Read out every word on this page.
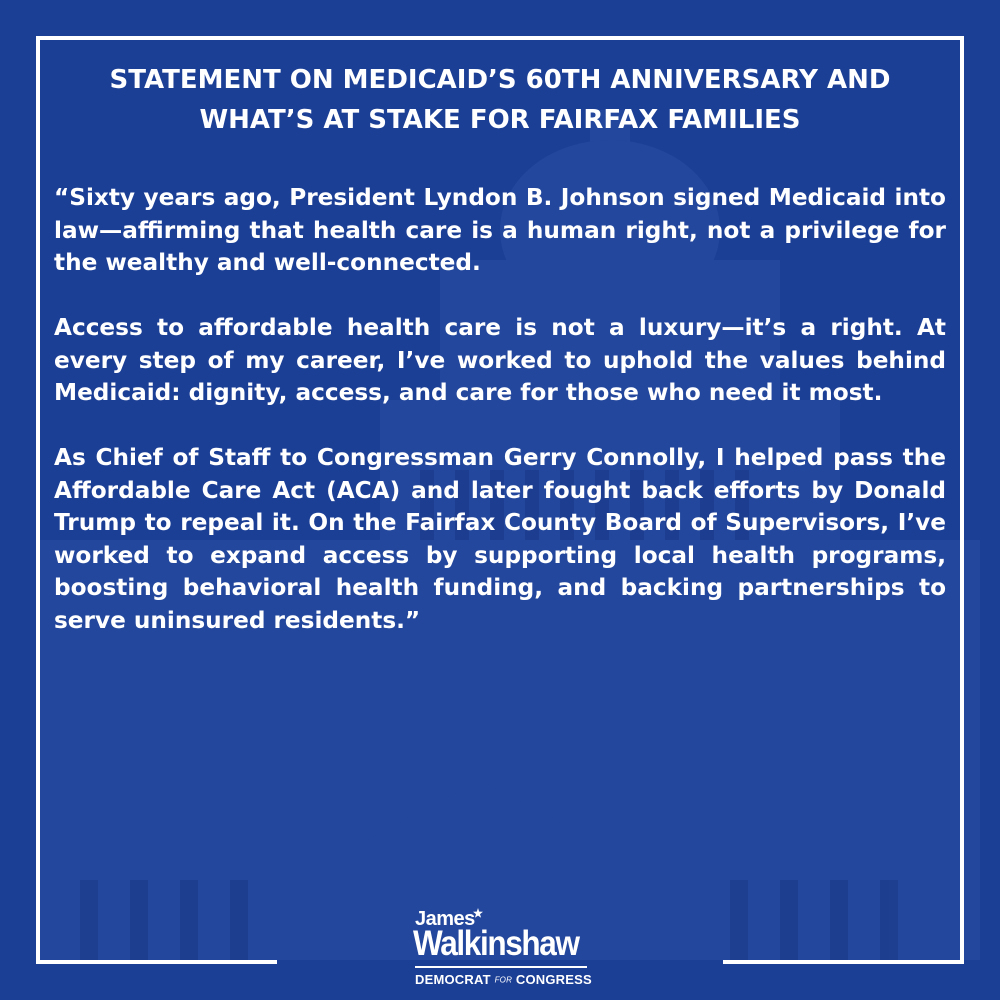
STATEMENT ON MEDICAID’S 60TH ANNIVERSARY AND
WHAT’S AT STAKE FOR FAIRFAX FAMILIES

“Sixty years ago, President Lyndon B. Johnson signed Medicaid into law—affirming that health care is a human right, not a privilege for the wealthy and well-connected.

Access to affordable health care is not a luxury—it’s a right. At every step of my career, I’ve worked to uphold the values behind Medicaid: dignity, access, and care for those who need it most.

As Chief of Staff to Congressman Gerry Connolly, I helped pass the Affordable Care Act (ACA) and later fought back efforts by Donald Trump to repeal it. On the Fairfax County Board of Supervisors, I’ve worked to expand access by supporting local health programs, boosting behavioral health funding, and backing partnerships to serve uninsured residents.”

James
Walkinshaw
DEMOCRAT FOR CONGRESS
